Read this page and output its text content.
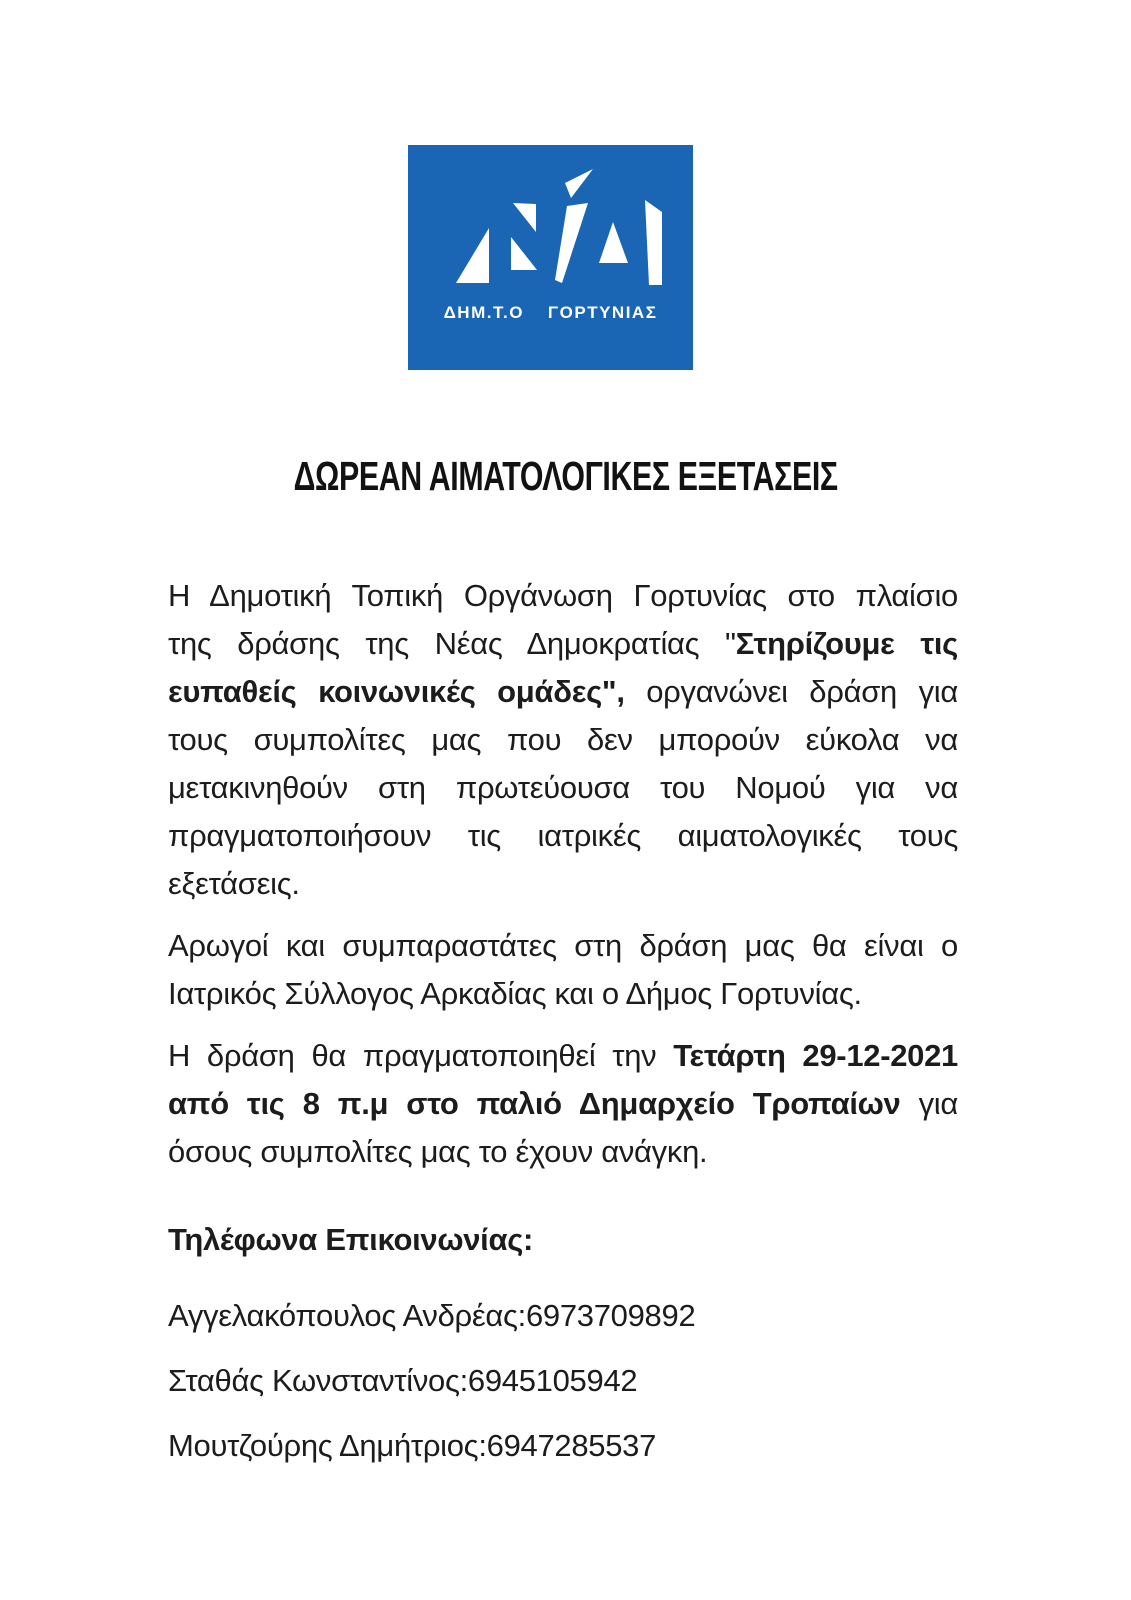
ΔΗΜ.Τ.Ο ΓΟΡΤΥΝΙΑΣ
ΔΩΡΕΑΝ ΑΙΜΑΤΟΛΟΓΙΚΕΣ ΕΞΕΤΑΣΕΙΣ
Η Δημοτική Τοπική Οργάνωση Γορτυνίας στο πλαίσιο
της δράσης της Νέας Δημοκρατίας "Στηρίζουμε τις
ευπαθείς κοινωνικές ομάδες", οργανώνει δράση για
τους συμπολίτες μας που δεν μπορούν εύκολα να
μετακινηθούν στη πρωτεύουσα του Νομού για να
πραγματοποιήσουν τις ιατρικές αιματολογικές τους
εξετάσεις.
Αρωγοί και συμπαραστάτες στη δράση μας θα είναι ο
Ιατρικός Σύλλογος Αρκαδίας και ο Δήμος Γορτυνίας.
Η δράση θα πραγματοποιηθεί την Τετάρτη 29-12-2021
από τις 8 π.μ στο παλιό Δημαρχείο Τροπαίων για
όσους συμπολίτες μας το έχουν ανάγκη.
Τηλέφωνα Επικοινωνίας:
Αγγελακόπουλος Ανδρέας:6973709892
Σταθάς Κωνσταντίνος:6945105942
Μουτζούρης Δημήτριος:6947285537
